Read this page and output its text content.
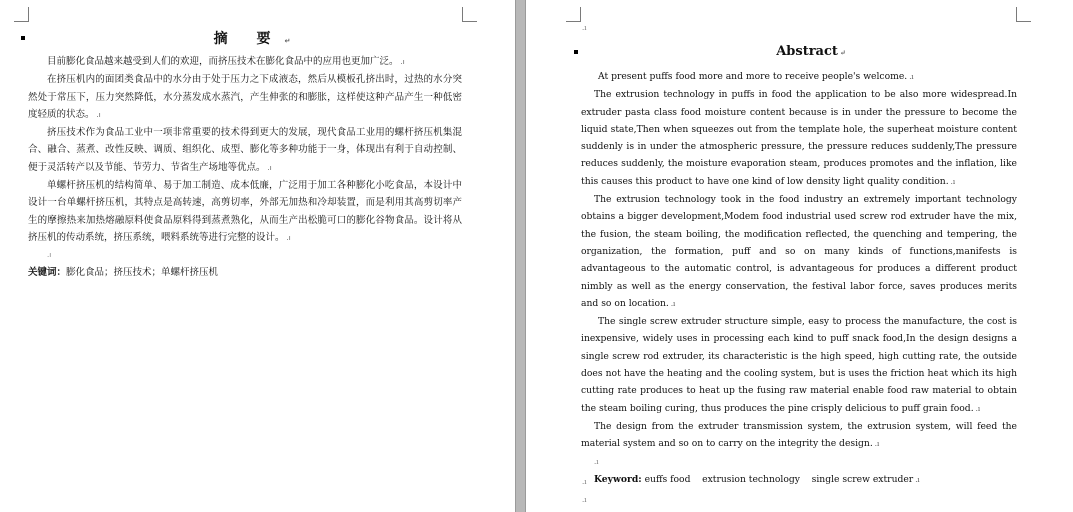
摘 要 ↵

目前膨化食品越来越受到人们的欢迎，而挤压技术在膨化食品中的应用也更加广泛。 .ı

在挤压机内的面团类食品中的水分由于处于压力之下成液态，然后从模板孔挤出时，过热的水分突然处于常压下，压力突然降低，水分蒸发成水蒸汽，产生伸张的和膨胀，这样使这种产品产生一种低密度轻质的状态。 .ı

挤压技术作为食品工业中一项非常重要的技术得到更大的发展，现代食品工业用的螺杆挤压机集混合、融合、蒸煮、改性反映、调质、组织化、成型、膨化等多种功能于一身，体现出有利于自动控制、便于灵活转产以及节能、节劳力、节省生产场地等优点。 .ı

单螺杆挤压机的结构简单、易于加工制造、成本低廉，广泛用于加工各种膨化小吃食品，本设计中设计一台单螺杆挤压机，其特点是高转速，高剪切率，外部无加热和冷却装置，而是利用其高剪切率产生的摩擦热来加热熔融原料使食品原料得到蒸煮熟化，从而生产出松脆可口的膨化谷物食品。设计将从挤压机的传动系统，挤压系统，喂料系统等进行完整的设计。 .ı

.ı
关键词：膨化食品；挤压技术；单螺杆挤压机
.ı
Abstract ↵

At present puffs food more and more to receive people's welcome. .ı

The extrusion technology in puffs in food the application to be also more widespread.In extruder pasta class food moisture content because is in under the pressure to become the liquid state,Then when squeezes out from the template hole, the superheat moisture content suddenly is in under the atmospheric pressure, the pressure reduces suddenly,The pressure reduces suddenly, the moisture evaporation steam, produces promotes and the inflation, like this causes this product to have one kind of low density light quality condition. .ı

The extrusion technology took in the food industry an extremely important technology obtains a bigger development,Modem food industrial used screw rod extruder have the mix, the fusion, the steam boiling, the modification reflected, the quenching and tempering, the organization, the formation, puff and so on many kinds of functions,manifests is advantageous to the automatic control, is advantageous for produces a different product nimbly as well as the energy conservation, the festival labor force, saves produces merits and so on location. .ı

The single screw extruder structure simple, easy to process the manufacture, the cost is inexpensive, widely uses in processing each kind to puff snack food,In the design designs a single screw rod extruder, its characteristic is the high speed, high cutting rate, the outside does not have the heating and the cooling system, but is uses the friction heat which its high cutting rate produces to heat up the fusing raw material enable food raw material to obtain the steam boiling curing, thus produces the pine crisply delicious to puff grain food. .ı

The design from the extruder transmission system, the extrusion system, will feed the material system and so on to carry on the integrity the design. .ı

.ı

Keyword: euffs food    extrusion technology    single screw extruder .ı

.ı
.ı
